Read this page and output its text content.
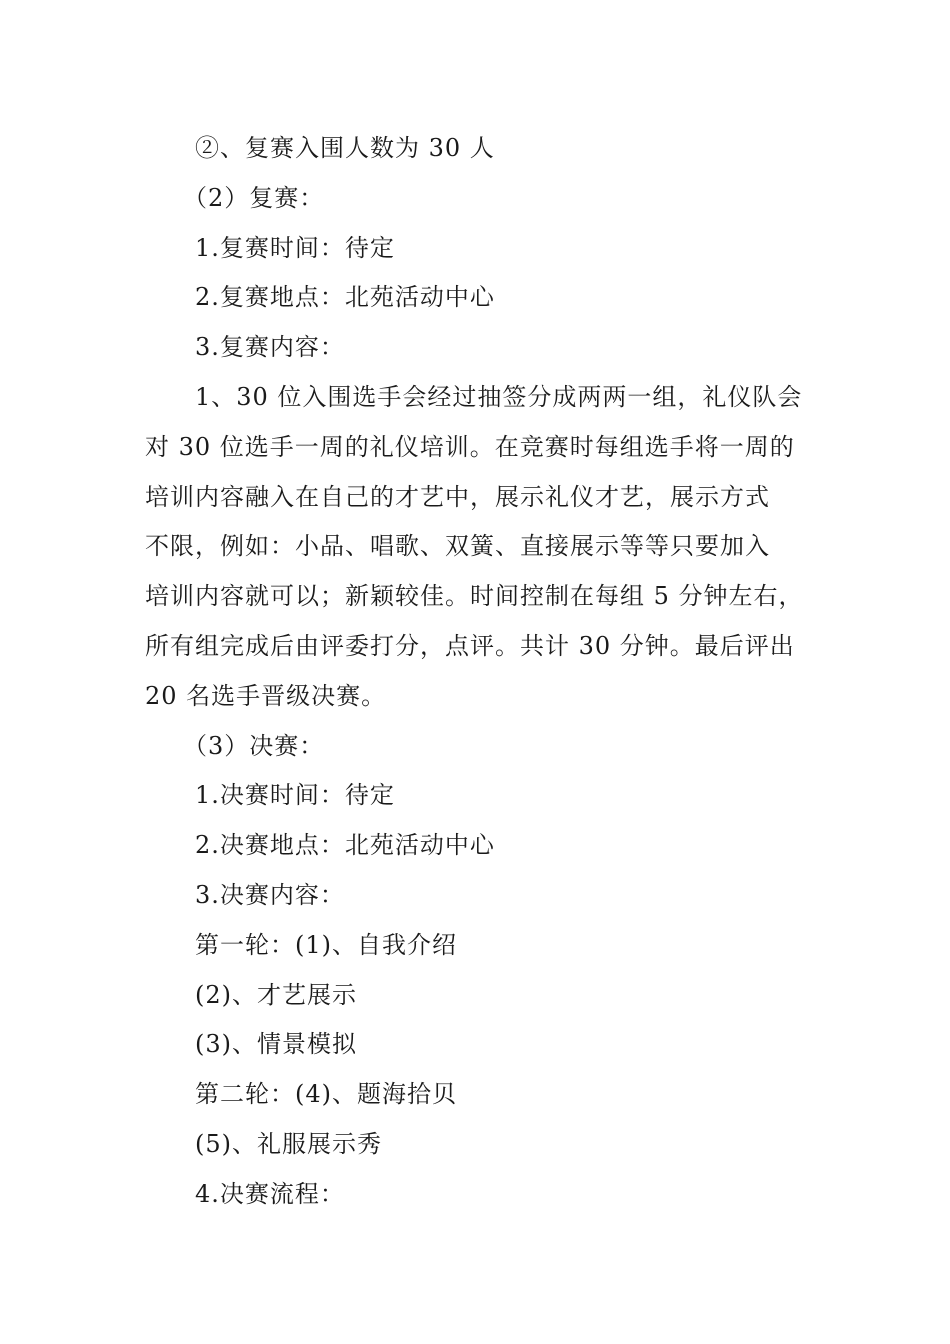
②、复赛入围人数为 30 人
（2）复赛：
1.复赛时间：待定
2.复赛地点：北苑活动中心
3.复赛内容：
1、30 位入围选手会经过抽签分成两两一组，礼仪队会
对 30 位选手一周的礼仪培训。在竞赛时每组选手将一周的
培训内容融入在自己的才艺中，展示礼仪才艺，展示方式
不限，例如：小品、唱歌、双簧、直接展示等等只要加入
培训内容就可以；新颖较佳。时间控制在每组 5 分钟左右，
所有组完成后由评委打分，点评。共计 30 分钟。最后评出
20 名选手晋级决赛。
（3）决赛：
1.决赛时间：待定
2.决赛地点：北苑活动中心
3.决赛内容：
第一轮：(1)、自我介绍
(2)、才艺展示
(3)、情景模拟
第二轮：(4)、题海拾贝
(5)、礼服展示秀
4.决赛流程：
